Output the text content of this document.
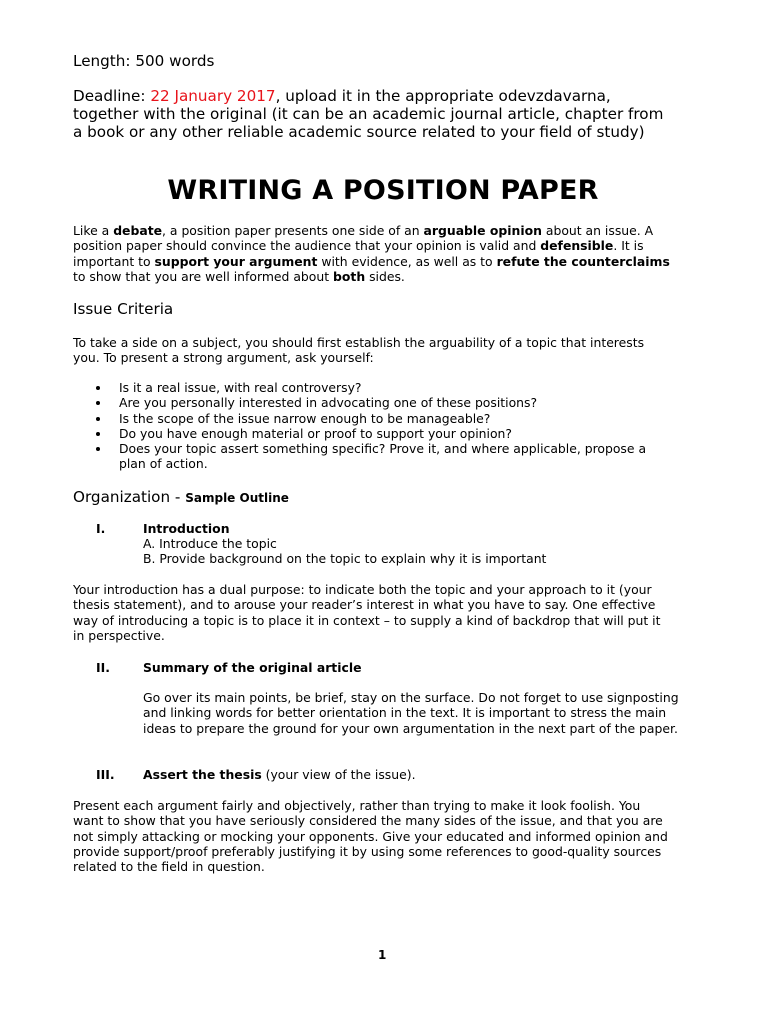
Length: 500 words
Deadline: 22 January 2017, upload it in the appropriate odevzdavarna, together with the original (it can be an academic journal article, chapter from a book or any other reliable academic source related to your field of study)
WRITING A POSITION PAPER
Like a debate, a position paper presents one side of an arguable opinion about an issue. A position paper should convince the audience that your opinion is valid and defensible. It is important to support your argument with evidence, as well as to refute the counterclaims to show that you are well informed about both sides.
Issue Criteria
To take a side on a subject, you should first establish the arguability of a topic that interests you. To present a strong argument, ask yourself:
Is it a real issue, with real controversy?
Are you personally interested in advocating one of these positions?
Is the scope of the issue narrow enough to be manageable?
Do you have enough material or proof to support your opinion?
Does your topic assert something specific? Prove it, and where applicable, propose a plan of action.
Organization - Sample Outline
I.	Introduction
A. Introduce the topic
B. Provide background on the topic to explain why it is important
Your introduction has a dual purpose: to indicate both the topic and your approach to it (your thesis statement), and to arouse your reader’s interest in what you have to say. One effective way of introducing a topic is to place it in context – to supply a kind of backdrop that will put it in perspective.
II.	Summary of the original article
Go over its main points, be brief, stay on the surface. Do not forget to use signposting and linking words for better orientation in the text. It is important to stress the main ideas to prepare the ground for your own argumentation in the next part of the paper.
III. Assert the thesis (your view of the issue).
Present each argument fairly and objectively, rather than trying to make it look foolish. You want to show that you have seriously considered the many sides of the issue, and that you are not simply attacking or mocking your opponents. Give your educated and informed opinion and provide support/proof preferably justifying it by using some references to good-quality sources related to the field in question.
1
